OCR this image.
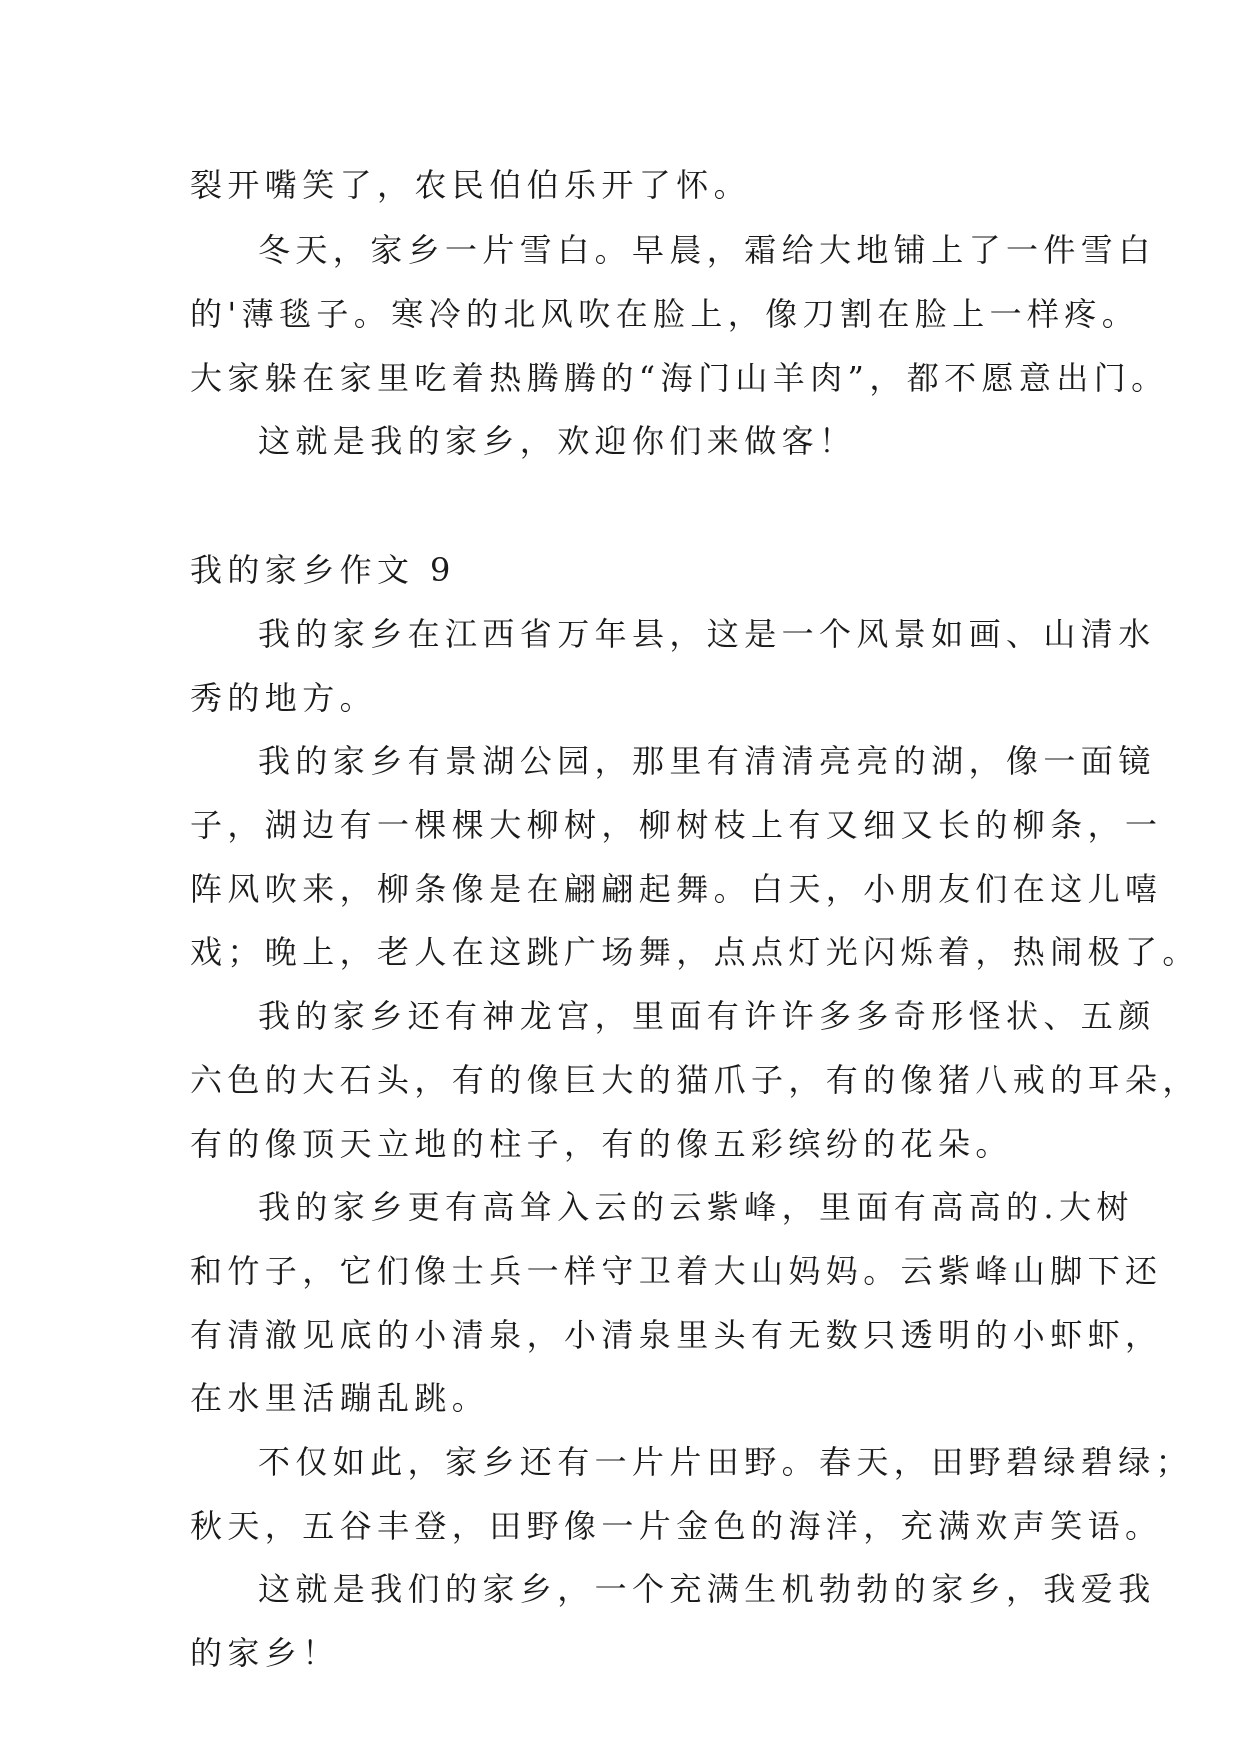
裂开嘴笑了，农民伯伯乐开了怀。
冬天，家乡一片雪白。早晨，霜给大地铺上了一件雪白
的'薄毯子。寒冷的北风吹在脸上，像刀割在脸上一样疼。
大家躲在家里吃着热腾腾的“海门山羊肉”，都不愿意出门。
这就是我的家乡，欢迎你们来做客！
我的家乡作文 9
我的家乡在江西省万年县，这是一个风景如画、山清水
秀的地方。
我的家乡有景湖公园，那里有清清亮亮的湖，像一面镜
子，湖边有一棵棵大柳树，柳树枝上有又细又长的柳条，一
阵风吹来，柳条像是在翩翩起舞。白天，小朋友们在这儿嘻
戏；晚上，老人在这跳广场舞，点点灯光闪烁着，热闹极了。
我的家乡还有神龙宫，里面有许许多多奇形怪状、五颜
六色的大石头，有的像巨大的猫爪子，有的像猪八戒的耳朵，
有的像顶天立地的柱子，有的像五彩缤纷的花朵。
我的家乡更有高耸入云的云紫峰，里面有高高的.大树
和竹子，它们像士兵一样守卫着大山妈妈。云紫峰山脚下还
有清澈见底的小清泉，小清泉里头有无数只透明的小虾虾，
在水里活蹦乱跳。
不仅如此，家乡还有一片片田野。春天，田野碧绿碧绿；
秋天，五谷丰登，田野像一片金色的海洋，充满欢声笑语。
这就是我们的家乡，一个充满生机勃勃的家乡，我爱我
的家乡！
